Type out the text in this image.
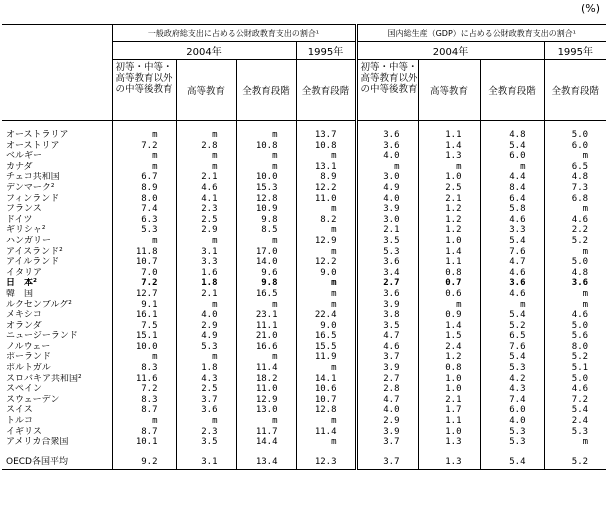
(%)
	一般政府総支出に占める公財政教育支出の割合¹				国内総生産（GDP）に占める公財政教育支出の割合¹			
	2004年			1995年	2004年			1995年
	初等・中等・高等教育以外の中等後教育	高等教育	全教育段階	全教育段階	初等・中等・高等教育以外の中等後教育	高等教育	全教育段階	全教育段階

オーストラリア	m	m	m	13.7	3.6	1.1	4.8	5.0
オーストリア	7.2	2.8	10.8	10.8	3.6	1.4	5.4	6.0
ベルギー	m	m	m	m	4.0	1.3	6.0	m
カナダ	m	m	m	13.1	m	m	m	6.5
チェコ共和国	6.7	2.1	10.0	8.9	3.0	1.0	4.4	4.8
デンマーク²	8.9	4.6	15.3	12.2	4.9	2.5	8.4	7.3
フィンランド	8.0	4.1	12.8	11.0	4.0	2.1	6.4	6.8
フランス	7.4	2.3	10.9	m	3.9	1.2	5.8	m
ドイツ	6.3	2.5	9.8	8.2	3.0	1.2	4.6	4.6
ギリシャ²	5.3	2.9	8.5	m	2.1	1.2	3.3	2.2
ハンガリー	m	m	m	12.9	3.5	1.0	5.4	5.2
アイスランド²	11.8	3.1	17.0	m	5.3	1.4	7.6	m
アイルランド	10.7	3.3	14.0	12.2	3.6	1.1	4.7	5.0
イタリア	7.0	1.6	9.6	9.0	3.4	0.8	4.6	4.8
日　本²	7.2	1.8	9.8	m	2.7	0.7	3.6	3.6
韓　国	12.7	2.1	16.5	m	3.6	0.6	4.6	m
ルクセンブルグ²	9.1	m	m	m	3.9	m	m	m
メキシコ	16.1	4.0	23.1	22.4	3.8	0.9	5.4	4.6
オランダ	7.5	2.9	11.1	9.0	3.5	1.4	5.2	5.0
ニュージーランド	15.1	4.9	21.0	16.5	4.7	1.5	6.5	5.6
ノルウェー	10.0	5.3	16.6	15.5	4.6	2.4	7.6	8.0
ポーランド	m	m	m	11.9	3.7	1.2	5.4	5.2
ポルトガル	8.3	1.8	11.4	m	3.9	0.8	5.3	5.1
スロバキア共和国²	11.6	4.3	18.2	14.1	2.7	1.0	4.2	5.0
スペイン	7.2	2.5	11.0	10.6	2.8	1.0	4.3	4.6
スウェーデン	8.3	3.7	12.9	10.7	4.7	2.1	7.4	7.2
スイス	8.7	3.6	13.0	12.8	4.0	1.7	6.0	5.4
トルコ	m	m	m	m	2.9	1.1	4.0	2.4
イギリス	8.7	2.3	11.7	11.4	3.9	1.0	5.3	5.3
アメリカ合衆国	10.1	3.5	14.4	m	3.7	1.3	5.3	m

OECD各国平均	9.2	3.1	13.4	12.3	3.7	1.3	5.4	5.2
